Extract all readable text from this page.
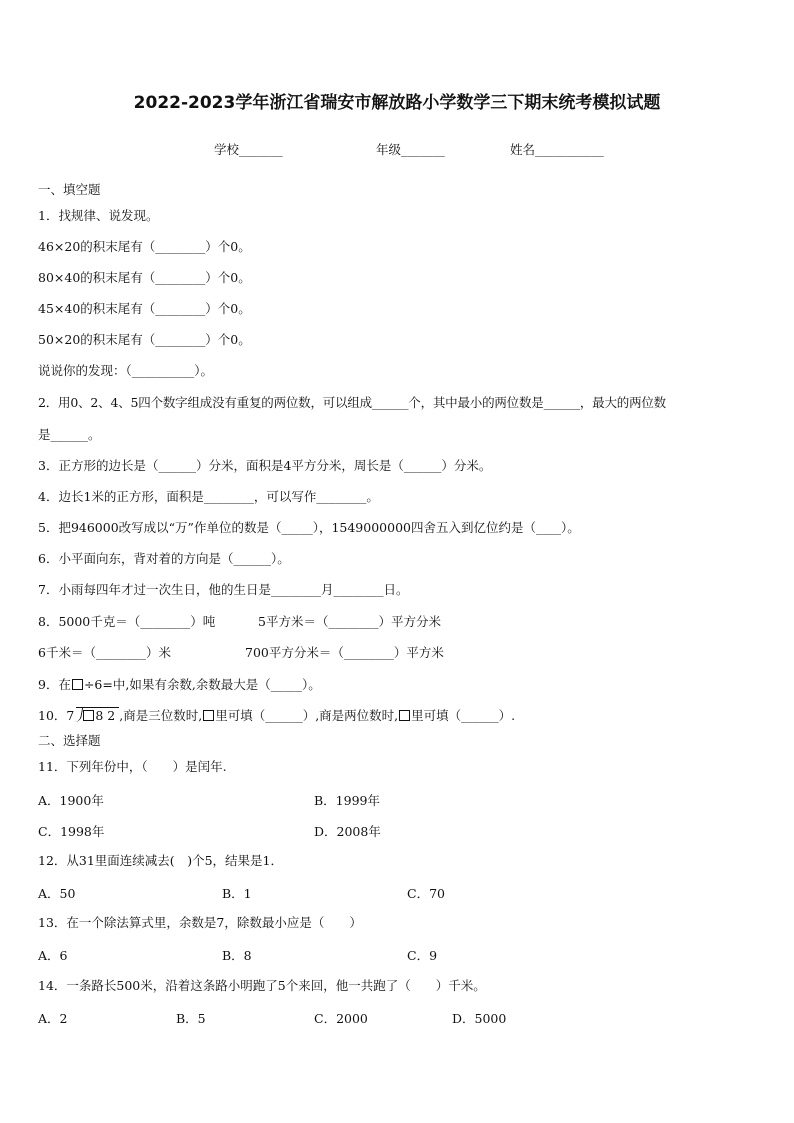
2022-2023学年浙江省瑞安市解放路小学数学三下期末统考模拟试题
学校_______	年级_______	姓名___________
一、填空题
1．找规律、说发现。
46×20的积末尾有（________）个0。
80×40的积末尾有（________）个0。
45×40的积末尾有（________）个0。
50×20的积末尾有（________）个0。
说说你的发现：（__________）。
2．用0、2、4、5四个数字组成没有重复的两位数，可以组成______个，其中最小的两位数是______，最大的两位数
是______。
3．正方形的边长是（______）分米，面积是4平方分米，周长是（______）分米。
4．边长1米的正方形，面积是________，可以写作________。
5．把946000改写成以“万”作单位的数是（_____），1549000000四舍五入到亿位约是（____）。
6．小平面向东，背对着的方向是（______）。
7．小雨每四年才过一次生日，他的生日是________月________日。
8．5000千克＝（________）吨	5平方米＝（________）平方分米
6千米＝（________）米	700平方分米＝（________）平方米
9．在 ÷6=中,如果有余数,余数最大是（_____）。
10．7 8 2 ,商是三位数时, 里可填（______）,商是两位数时, 里可填（______）.
二、选择题
11．下列年份中，（　　）是闰年.
A．1900年	B．1999年
C．1998年	D．2008年
12．从31里面连续减去(　)个5，结果是1．
A．50	B．1	C．70
13．在一个除法算式里，余数是7，除数最小应是（　　）
A．6	B．8	C．9
14．一条路长500米，沿着这条路小明跑了5个来回，他一共跑了（　　）千米。
A．2	B．5	C．2000	D．5000
